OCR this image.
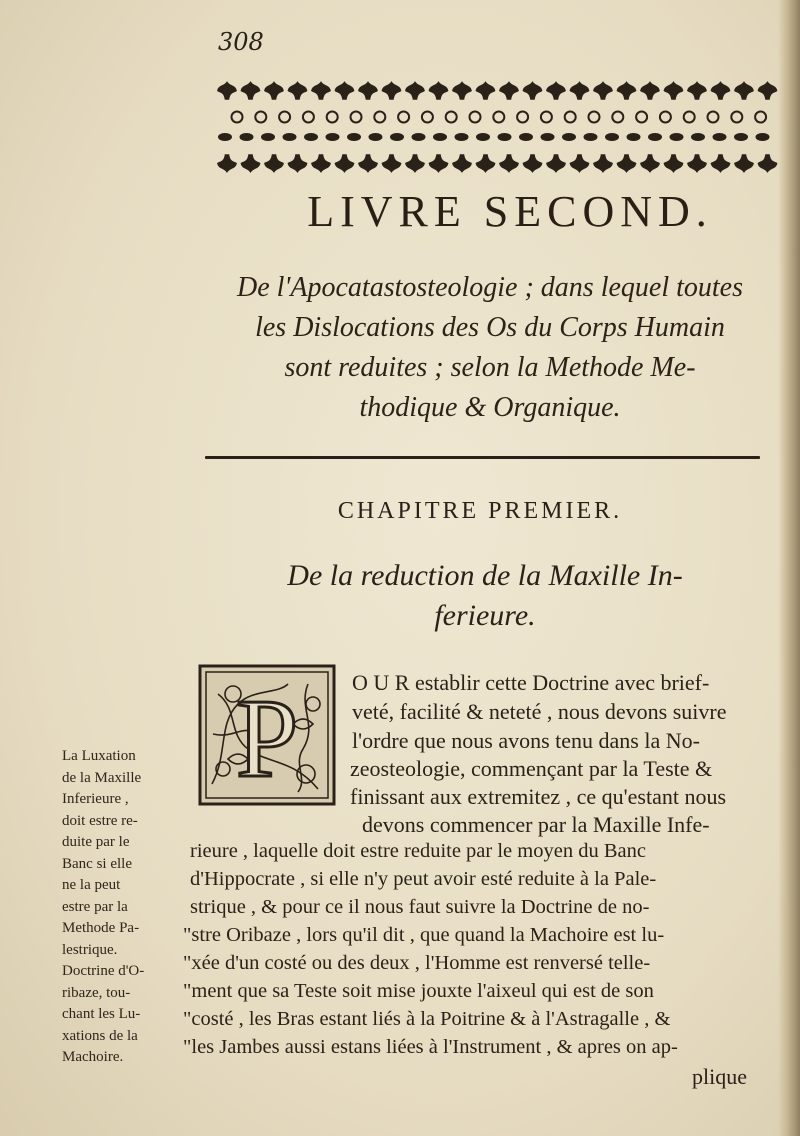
308
LIVRE SECOND.
De l'Apocatastosteologie ; dans lequel toutes
les Dislocations des Os du Corps Humain
sont reduites ; selon la Methode Me-
thodique & Organique.
CHAPITRE PREMIER.
De la reduction de la Maxille In-
ferieure.
P O U R establir cette Doctrine avec brief-
veté, facilité & neteté , nous devons suivre
l'ordre que nous avons tenu dans la No-
zeosteologie, commençant par la Teste &
finissant aux extremitez , ce qu'estant nous
devons commencer par la Maxille Infe-
rieure , laquelle doit estre reduite par le moyen du Banc
d'Hippocrate , si elle n'y peut avoir esté reduite à la Pale-
strique , & pour ce il nous faut suivre la Doctrine de no-
"stre Oribaze , lors qu'il dit , que quand la Machoire est lu-
"xée d'un costé ou des deux , l'Homme est renversé telle-
"ment que sa Teste soit mise jouxte l'aixeul qui est de son
"costé , les Bras estant liés à la Poitrine & à l'Astragalle , &
"les Jambes aussi estans liées à l'Instrument , & apres on ap-
plique
La Luxation
de la Maxille
Inferieure ,
doit estre re-
duite par le
Banc si elle
ne la peut
estre par la
Methode Pa-
lestrique.
Doctrine d'O-
ribaze, tou-
chant les Lu-
xations de la
Machoire.
